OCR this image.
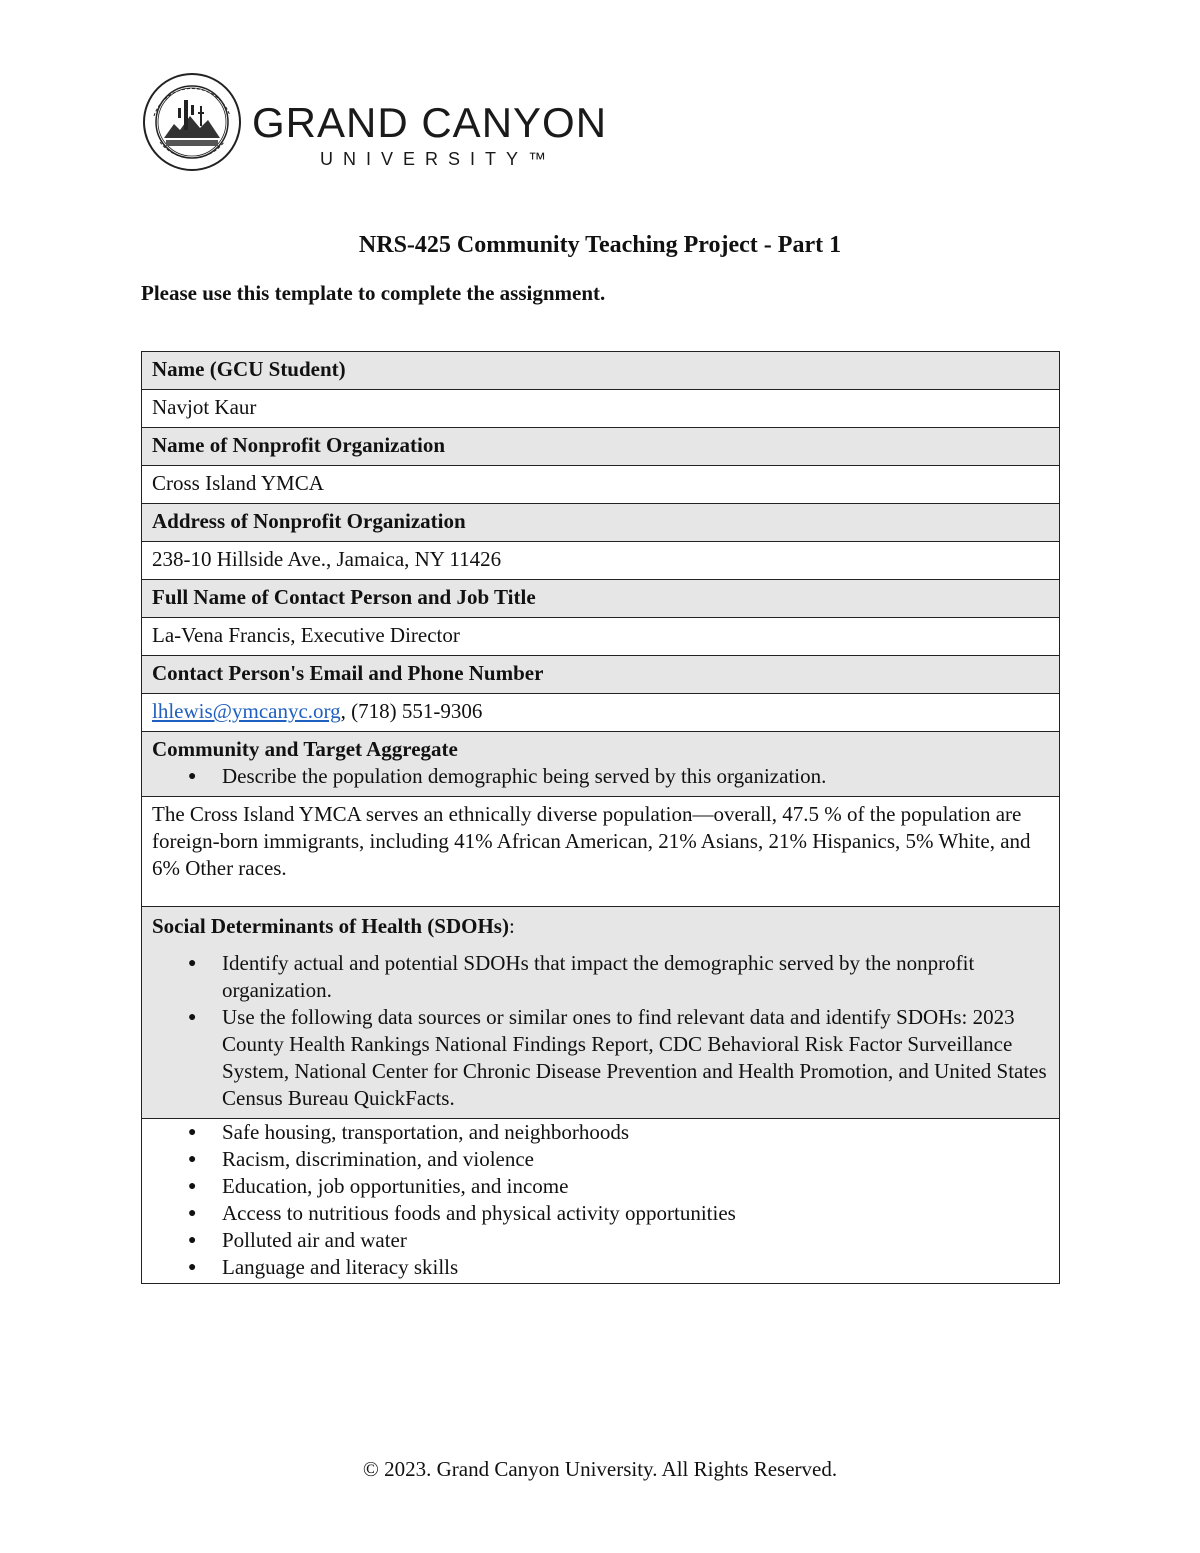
GRAND CANYON
UNIVERSITY™
NRS-425 Community Teaching Project - Part 1

Please use this template to complete the assignment.

Name (GCU Student)
Navjot Kaur
Name of Nonprofit Organization
Cross Island YMCA
Address of Nonprofit Organization
238-10 Hillside Ave., Jamaica, NY 11426
Full Name of Contact Person and Job Title
La-Vena Francis, Executive Director
Contact Person's Email and Phone Number
lhlewis@ymcanyc.org, (718) 551-9306

Community and Target Aggregate
● Describe the population demographic being served by this organization.

The Cross Island YMCA serves an ethnically diverse population—overall, 47.5 % of the population are foreign-born immigrants, including 41% African American, 21% Asians, 21% Hispanics, 5% White, and 6% Other races.

Social Determinants of Health (SDOHs):
● Identify actual and potential SDOHs that impact the demographic served by the nonprofit organization.
● Use the following data sources or similar ones to find relevant data and identify SDOHs: 2023 County Health Rankings National Findings Report, CDC Behavioral Risk Factor Surveillance System, National Center for Chronic Disease Prevention and Health Promotion, and United States Census Bureau QuickFacts.

● Safe housing, transportation, and neighborhoods
● Racism, discrimination, and violence
● Education, job opportunities, and income
● Access to nutritious foods and physical activity opportunities
● Polluted air and water
● Language and literacy skills

© 2023. Grand Canyon University. All Rights Reserved.
